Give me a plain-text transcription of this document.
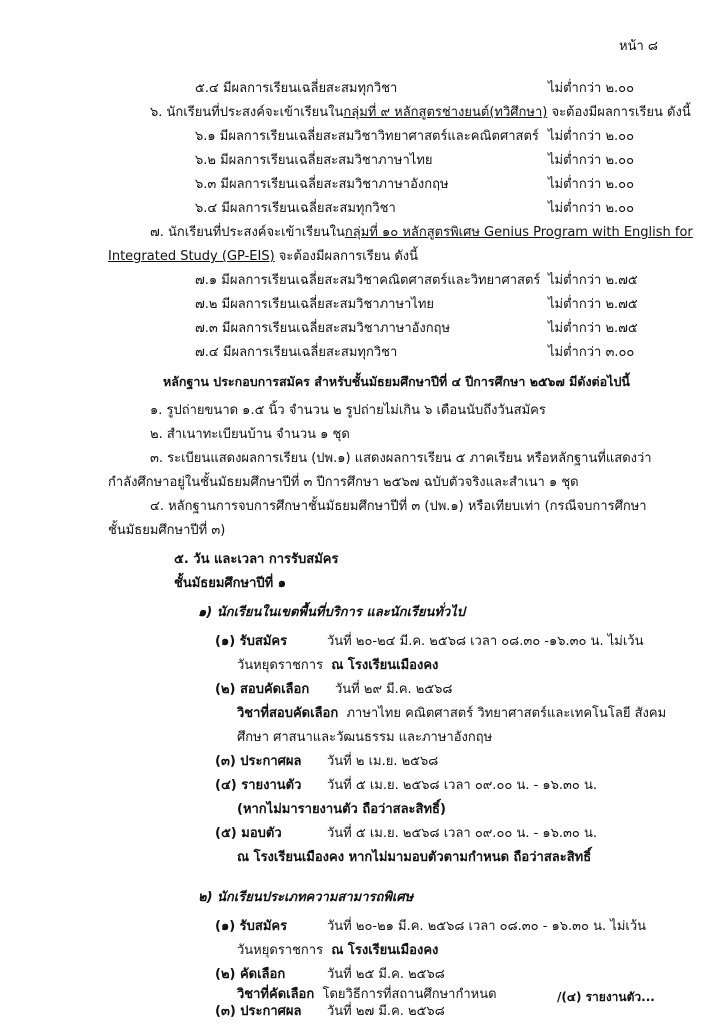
หน้า ๘
๕.๔ มีผลการเรียนเฉลี่ยสะสมทุกวิชา	ไม่ต่ำกว่า ๒.๐๐
๖. นักเรียนที่ประสงค์จะเข้าเรียนในกลุ่มที่ ๙ หลักสูตรช่างยนต์(ทวิศึกษา) จะต้องมีผลการเรียน ดังนี้
๖.๑ มีผลการเรียนเฉลี่ยสะสมวิชาวิทยาศาสตร์และคณิตศาสตร์ ไม่ต่ำกว่า ๒.๐๐
๖.๒ มีผลการเรียนเฉลี่ยสะสมวิชาภาษาไทย	ไม่ต่ำกว่า ๒.๐๐
๖.๓ มีผลการเรียนเฉลี่ยสะสมวิชาภาษาอังกฤษ	ไม่ต่ำกว่า ๒.๐๐
๖.๔ มีผลการเรียนเฉลี่ยสะสมทุกวิชา	ไม่ต่ำกว่า ๒.๐๐
๗. นักเรียนที่ประสงค์จะเข้าเรียนในกลุ่มที่ ๑๐ หลักสูตรพิเศษ Genius Program with English for
Integrated Study (GP-EIS) จะต้องมีผลการเรียน ดังนี้
๗.๑ มีผลการเรียนเฉลี่ยสะสมวิชาคณิตศาสตร์และวิทยาศาสตร์ ไม่ต่ำกว่า ๒.๗๕
๗.๒ มีผลการเรียนเฉลี่ยสะสมวิชาภาษาไทย	ไม่ต่ำกว่า ๒.๗๕
๗.๓ มีผลการเรียนเฉลี่ยสะสมวิชาภาษาอังกฤษ	ไม่ต่ำกว่า ๒.๗๕
๗.๔ มีผลการเรียนเฉลี่ยสะสมทุกวิชา	ไม่ต่ำกว่า ๓.๐๐
หลักฐาน ประกอบการสมัคร สำหรับชั้นมัธยมศึกษาปีที่ ๔ ปีการศึกษา ๒๕๖๗ มีดังต่อไปนี้
๑. รูปถ่ายขนาด ๑.๕ นิ้ว จำนวน ๒ รูปถ่ายไม่เกิน ๖ เดือนนับถึงวันสมัคร
๒. สำเนาทะเบียนบ้าน จำนวน ๑ ชุด
๓. ระเบียนแสดงผลการเรียน (ปพ.๑) แสดงผลการเรียน ๕ ภาคเรียน หรือหลักฐานที่แสดงว่า
กำลังศึกษาอยู่ในชั้นมัธยมศึกษาปีที่ ๓ ปีการศึกษา ๒๕๖๗ ฉบับตัวจริงและสำเนา ๑ ชุด
๔. หลักฐานการจบการศึกษาชั้นมัธยมศึกษาปีที่ ๓ (ปพ.๑) หรือเทียบเท่า (กรณีจบการศึกษา
ชั้นมัธยมศึกษาปีที่ ๓)
๕. วัน และเวลา การรับสมัคร
ชั้นมัธยมศึกษาปีที่ ๑
๑) นักเรียนในเขตพื้นที่บริการ และนักเรียนทั่วไป
(๑) รับสมัคร	วันที่ ๒๐-๒๔ มี.ค. ๒๕๖๘ เวลา ๐๘.๓๐ -๑๖.๓๐ น. ไม่เว้น
วันหยุดราชการ ณ โรงเรียนเมืองคง
(๒) สอบคัดเลือก วันที่ ๒๙ มี.ค. ๒๕๖๘
วิชาที่สอบคัดเลือก ภาษาไทย คณิตศาสตร์ วิทยาศาสตร์และเทคโนโลยี สังคม
ศึกษา ศาสนาและวัฒนธรรม และภาษาอังกฤษ
(๓) ประกาศผล วันที่ ๒ เม.ย. ๒๕๖๘
(๔) รายงานตัว วันที่ ๕ เม.ย. ๒๕๖๘ เวลา ๐๙.๐๐ น. - ๑๖.๓๐ น.
(หากไม่มารายงานตัว ถือว่าสละสิทธิ์)
(๕) มอบตัว	วันที่ ๕ เม.ย. ๒๕๖๘ เวลา ๐๙.๐๐ น. - ๑๖.๓๐ น.
ณ โรงเรียนเมืองคง หากไม่มามอบตัวตามกำหนด ถือว่าสละสิทธิ์
๒) นักเรียนประเภทความสามารถพิเศษ
(๑) รับสมัคร	วันที่ ๒๐-๒๑ มี.ค. ๒๕๖๘ เวลา ๐๘.๓๐ - ๑๖.๓๐ น. ไม่เว้น
วันหยุดราชการ ณ โรงเรียนเมืองคง
(๒) คัดเลือก	วันที่ ๒๕ มี.ค. ๒๕๖๘
วิชาที่คัดเลือก โดยวิธีการที่สถานศึกษากำหนด
(๓) ประกาศผล วันที่ ๒๗ มี.ค. ๒๕๖๘
/(๔) รายงานตัว...
